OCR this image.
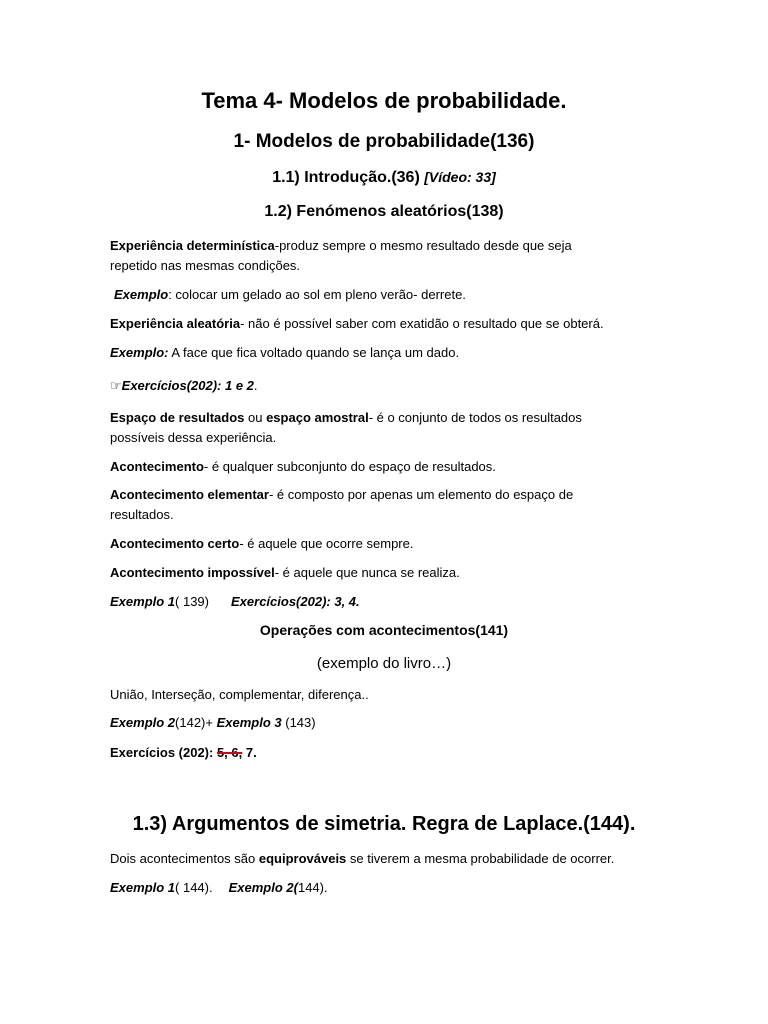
Tema 4- Modelos de probabilidade.
1- Modelos de probabilidade(136)
1.1) Introdução.(36) [Vídeo: 33]
1.2) Fenómenos aleatórios(138)
Experiência determinística-produz sempre o mesmo resultado desde que seja
repetido nas mesmas condições.
Exemplo: colocar um gelado ao sol em pleno verão- derrete.
Experiência aleatória- não é possível saber com exatidão o resultado que se obterá.
Exemplo: A face que fica voltado quando se lança um dado.
☞Exercícios(202): 1 e 2.
Espaço de resultados ou espaço amostral- é o conjunto de todos os resultados
possíveis dessa experiência.
Acontecimento- é qualquer subconjunto do espaço de resultados.
Acontecimento elementar- é composto por apenas um elemento do espaço de
resultados.
Acontecimento certo- é aquele que ocorre sempre.
Acontecimento impossível- é aquele que nunca se realiza.
Exemplo 1( 139) Exercícios(202): 3, 4.
Operações com acontecimentos(141)
(exemplo do livro…)
União, Interseção, complementar, diferença..
Exemplo 2(142)+ Exemplo 3 (143)
Exercícios (202): 5, 6, 7.
1.3) Argumentos de simetria. Regra de Laplace.(144).
Dois acontecimentos são equiprováveis se tiverem a mesma probabilidade de ocorrer.
Exemplo 1( 144). Exemplo 2(144).
